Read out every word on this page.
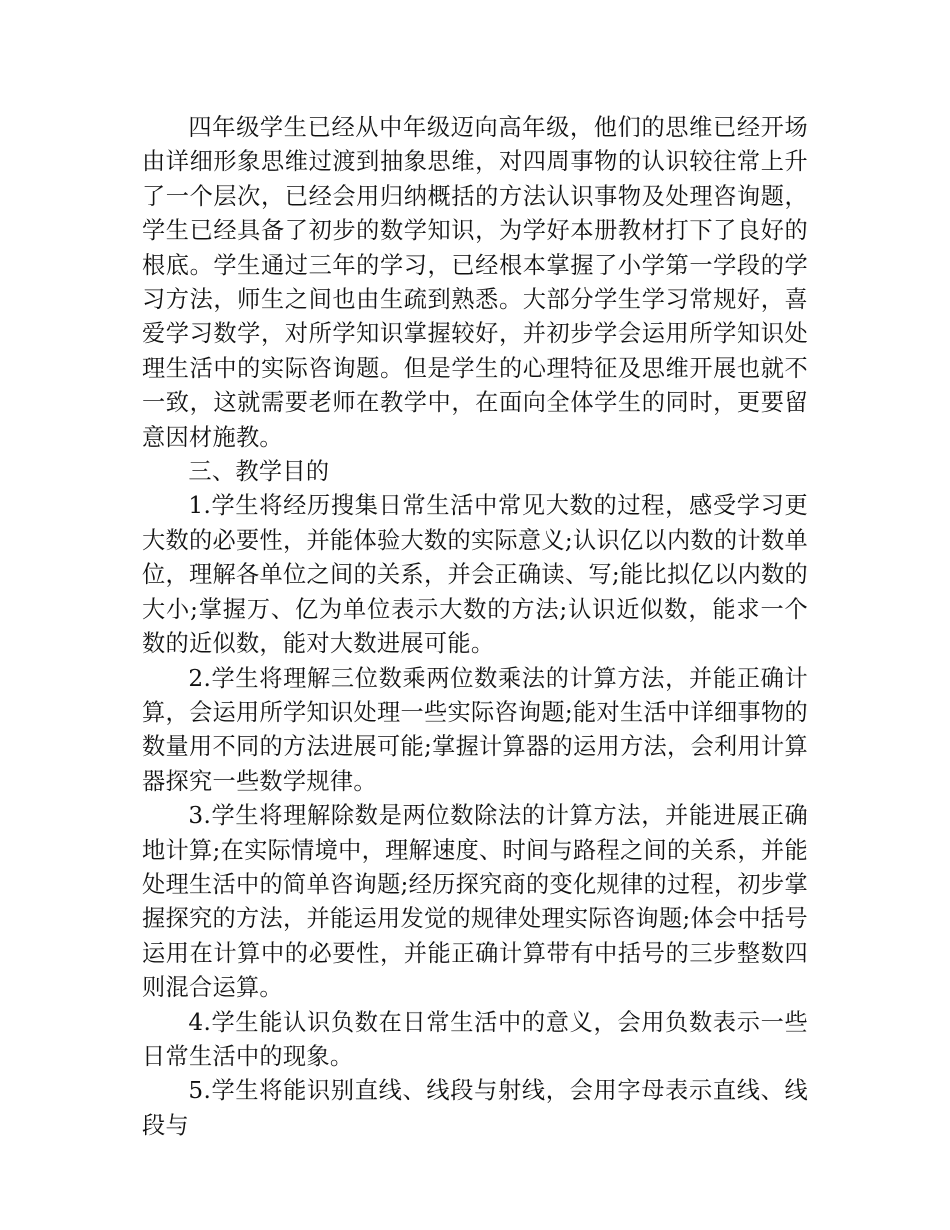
四年级学生已经从中年级迈向高年级，他们的思维已经开场由详细形象思维过渡到抽象思维，对四周事物的认识较往常上升了一个层次，已经会用归纳概括的方法认识事物及处理咨询题，学生已经具备了初步的数学知识，为学好本册教材打下了良好的根底。学生通过三年的学习，已经根本掌握了小学第一学段的学习方法，师生之间也由生疏到熟悉。大部分学生学习常规好，喜爱学习数学，对所学知识掌握较好，并初步学会运用所学知识处理生活中的实际咨询题。但是学生的心理特征及思维开展也就不一致，这就需要老师在教学中，在面向全体学生的同时，更要留意因材施教。

三、教学目的

1.学生将经历搜集日常生活中常见大数的过程，感受学习更大数的必要性，并能体验大数的实际意义;认识亿以内数的计数单位，理解各单位之间的关系，并会正确读、写;能比拟亿以内数的大小;掌握万、亿为单位表示大数的方法;认识近似数，能求一个数的近似数，能对大数进展可能。

2.学生将理解三位数乘两位数乘法的计算方法，并能正确计算，会运用所学知识处理一些实际咨询题;能对生活中详细事物的数量用不同的方法进展可能;掌握计算器的运用方法，会利用计算器探究一些数学规律。

3.学生将理解除数是两位数除法的计算方法，并能进展正确地计算;在实际情境中，理解速度、时间与路程之间的关系，并能处理生活中的简单咨询题;经历探究商的变化规律的过程，初步掌握探究的方法，并能运用发觉的规律处理实际咨询题;体会中括号运用在计算中的必要性，并能正确计算带有中括号的三步整数四则混合运算。

4.学生能认识负数在日常生活中的意义，会用负数表示一些日常生活中的现象。

5.学生将能识别直线、线段与射线，会用字母表示直线、线段与
